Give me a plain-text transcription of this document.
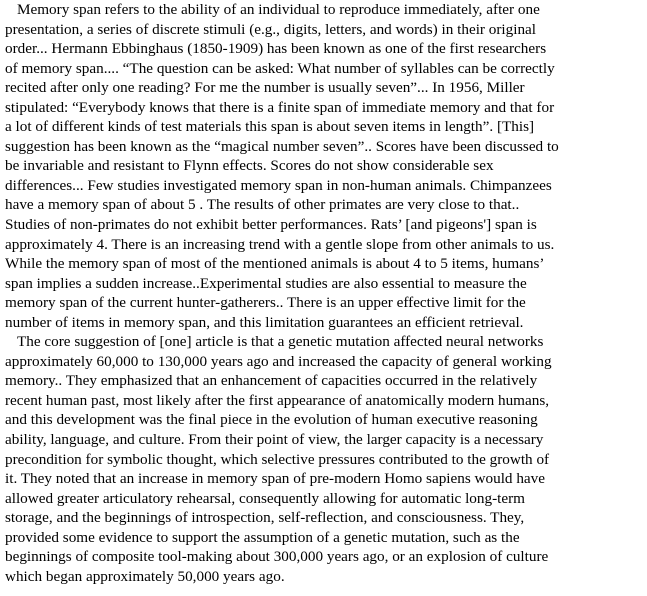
Memory span refers to the ability of an individual to reproduce immediately, after one
presentation, a series of discrete stimuli (e.g., digits, letters, and words) in their original
order... Hermann Ebbinghaus (1850-1909) has been known as one of the first researchers
of memory span.... “The question can be asked: What number of syllables can be correctly
recited after only one reading? For me the number is usually seven”... In 1956, Miller
stipulated: “Everybody knows that there is a finite span of immediate memory and that for
a lot of different kinds of test materials this span is about seven items in length”. [This]
suggestion has been known as the “magical number seven”.. Scores have been discussed to
be invariable and resistant to Flynn effects. Scores do not show considerable sex
differences... Few studies investigated memory span in non-human animals. Chimpanzees
have a memory span of about 5 . The results of other primates are very close to that..
Studies of non-primates do not exhibit better performances. Rats’ [and pigeons'] span is
approximately 4. There is an increasing trend with a gentle slope from other animals to us.
While the memory span of most of the mentioned animals is about 4 to 5 items, humans’
span implies a sudden increase..Experimental studies are also essential to measure the
memory span of the current hunter-gatherers.. There is an upper effective limit for the
number of items in memory span, and this limitation guarantees an efficient retrieval.
The core suggestion of [one] article is that a genetic mutation affected neural networks
approximately 60,000 to 130,000 years ago and increased the capacity of general working
memory.. They emphasized that an enhancement of capacities occurred in the relatively
recent human past, most likely after the first appearance of anatomically modern humans,
and this development was the final piece in the evolution of human executive reasoning
ability, language, and culture. From their point of view, the larger capacity is a necessary
precondition for symbolic thought, which selective pressures contributed to the growth of
it. They noted that an increase in memory span of pre-modern Homo sapiens would have
allowed greater articulatory rehearsal, consequently allowing for automatic long-term
storage, and the beginnings of introspection, self-reflection, and consciousness. They,
provided some evidence to support the assumption of a genetic mutation, such as the
beginnings of composite tool-making about 300,000 years ago, or an explosion of culture
which began approximately 50,000 years ago.
